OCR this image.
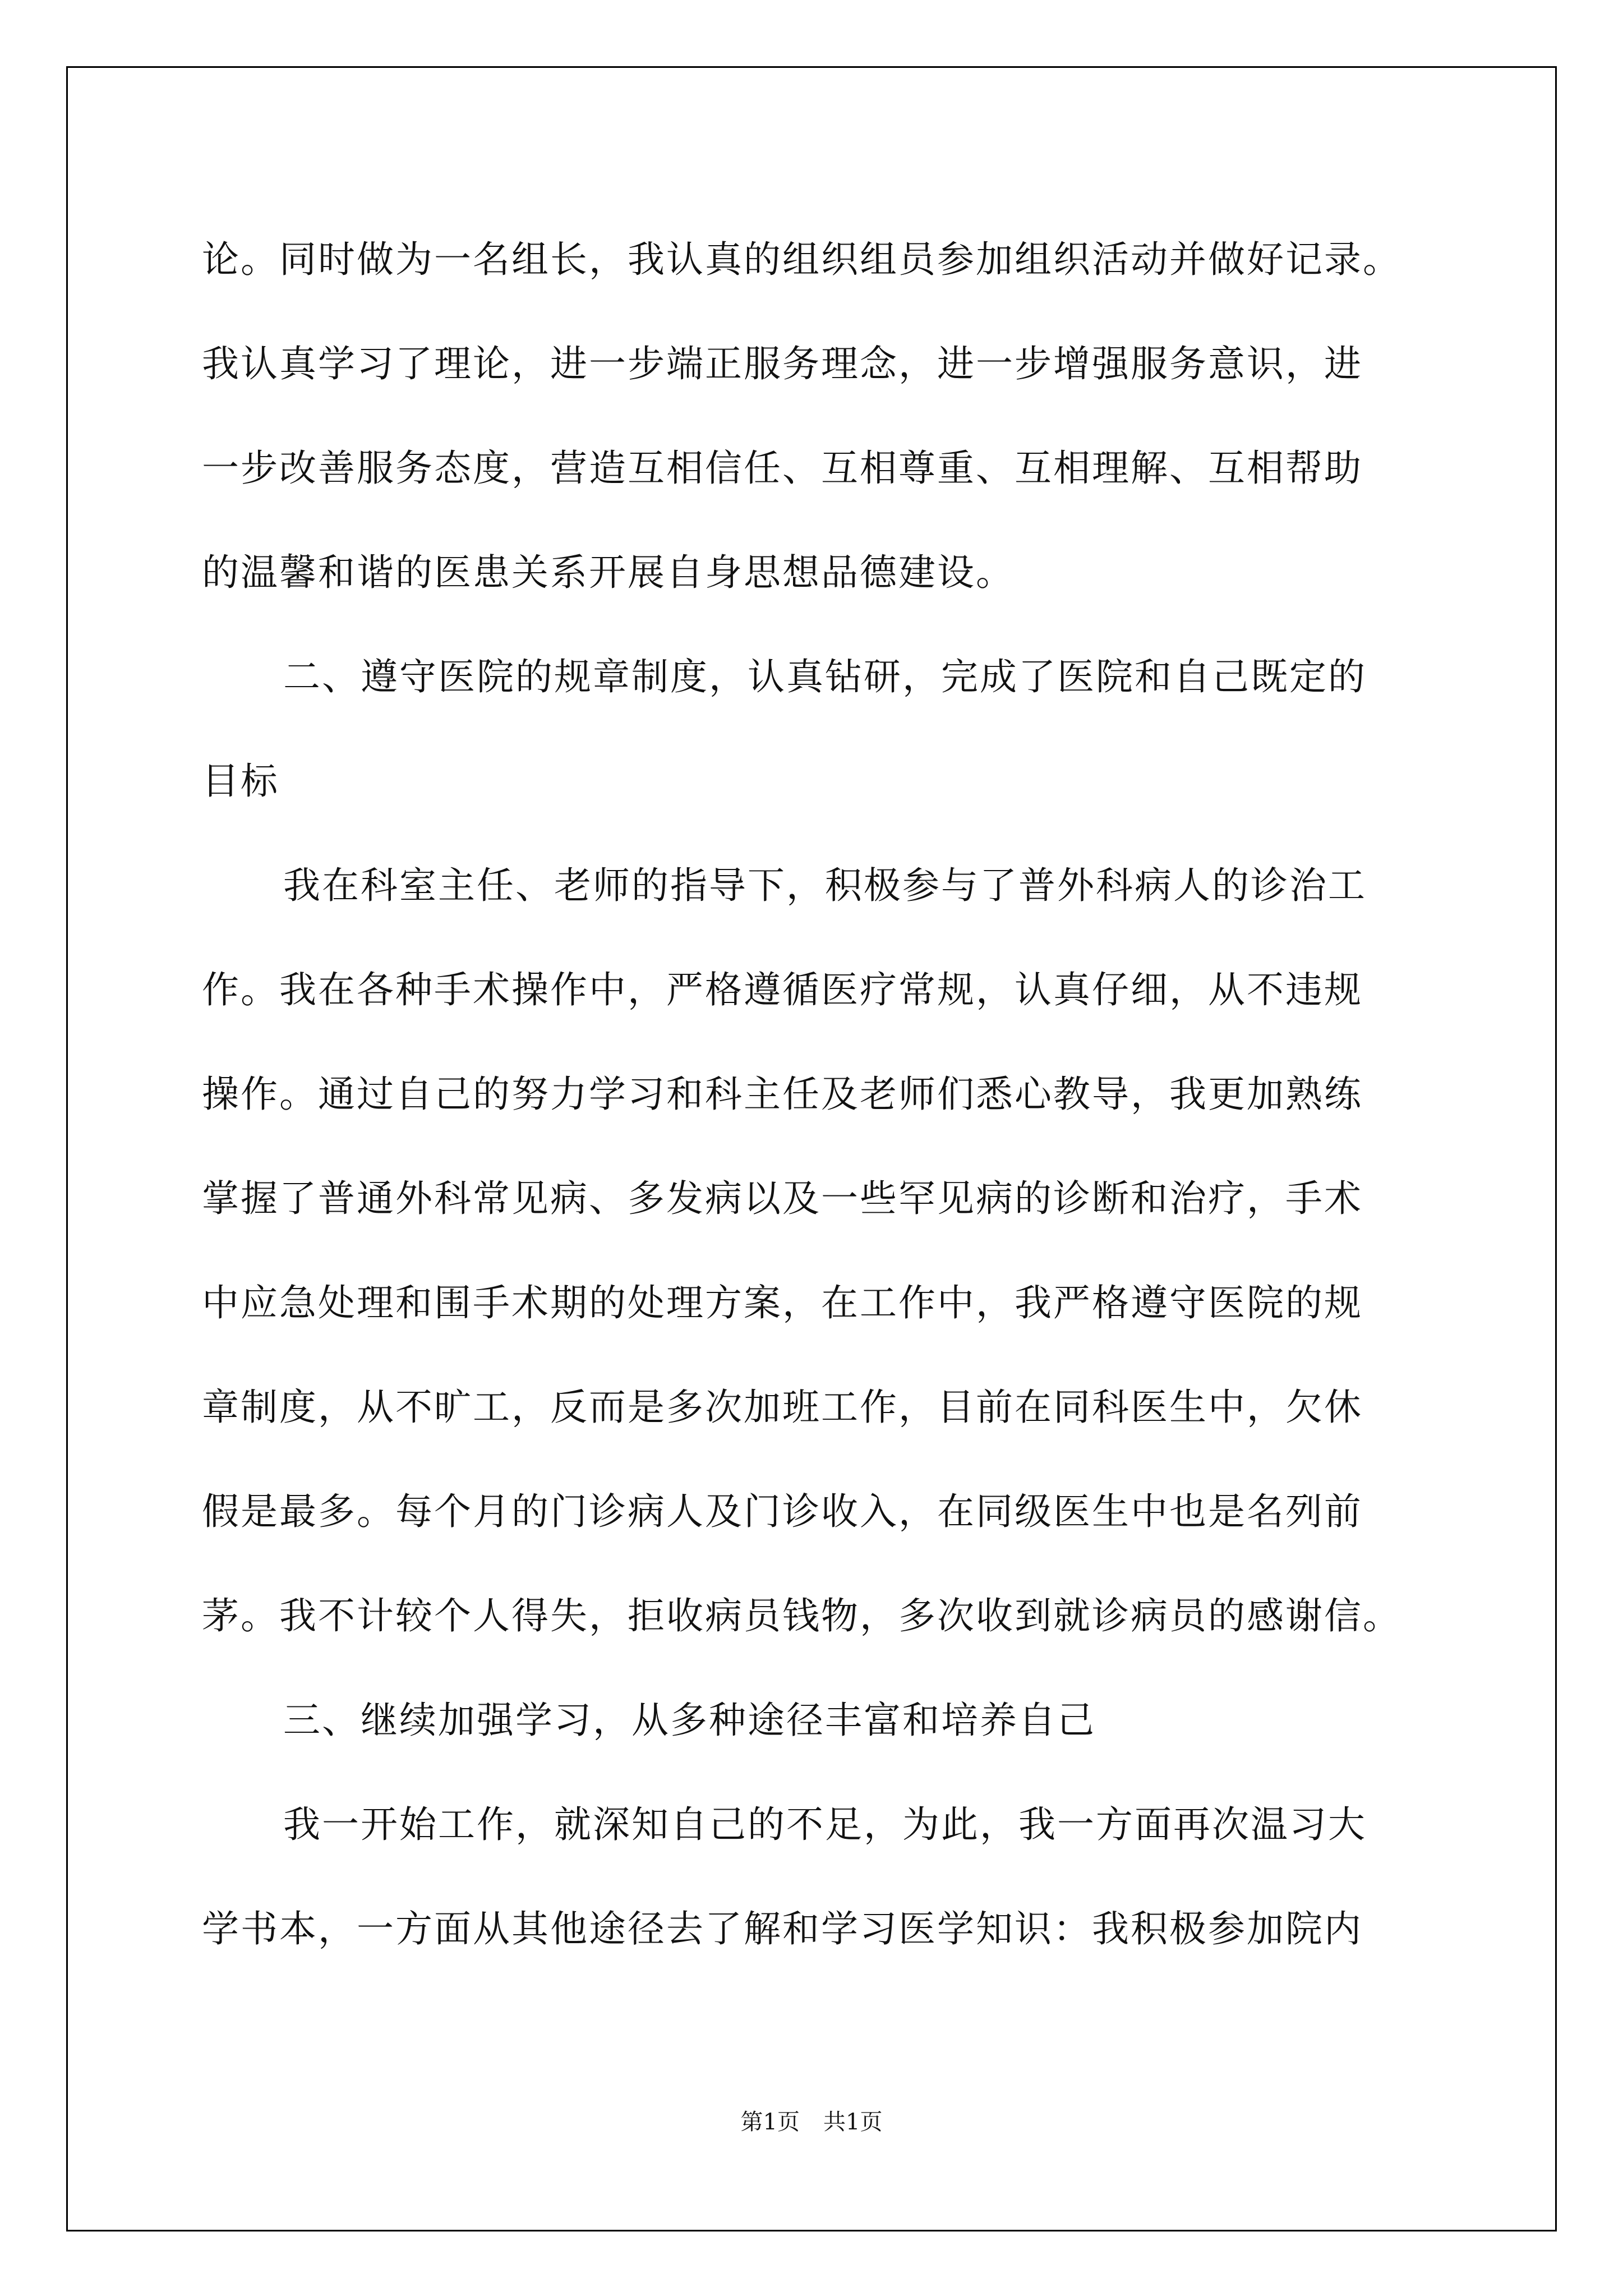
论。同时做为一名组长，我认真的组织组员参加组织活动并做好记录。
我认真学习了理论，进一步端正服务理念，进一步增强服务意识，进
一步改善服务态度，营造互相信任、互相尊重、互相理解、互相帮助
的温馨和谐的医患关系开展自身思想品德建设。
二、遵守医院的规章制度，认真钻研，完成了医院和自己既定的
目标
我在科室主任、老师的指导下，积极参与了普外科病人的诊治工
作。我在各种手术操作中，严格遵循医疗常规，认真仔细，从不违规
操作。通过自己的努力学习和科主任及老师们悉心教导，我更加熟练
掌握了普通外科常见病、多发病以及一些罕见病的诊断和治疗，手术
中应急处理和围手术期的处理方案，在工作中，我严格遵守医院的规
章制度，从不旷工，反而是多次加班工作，目前在同科医生中，欠休
假是最多。每个月的门诊病人及门诊收入，在同级医生中也是名列前
茅。我不计较个人得失，拒收病员钱物，多次收到就诊病员的感谢信。
三、继续加强学习，从多种途径丰富和培养自己
我一开始工作，就深知自己的不足，为此，我一方面再次温习大
学书本，一方面从其他途径去了解和学习医学知识：我积极参加院内
第1页 共1页
